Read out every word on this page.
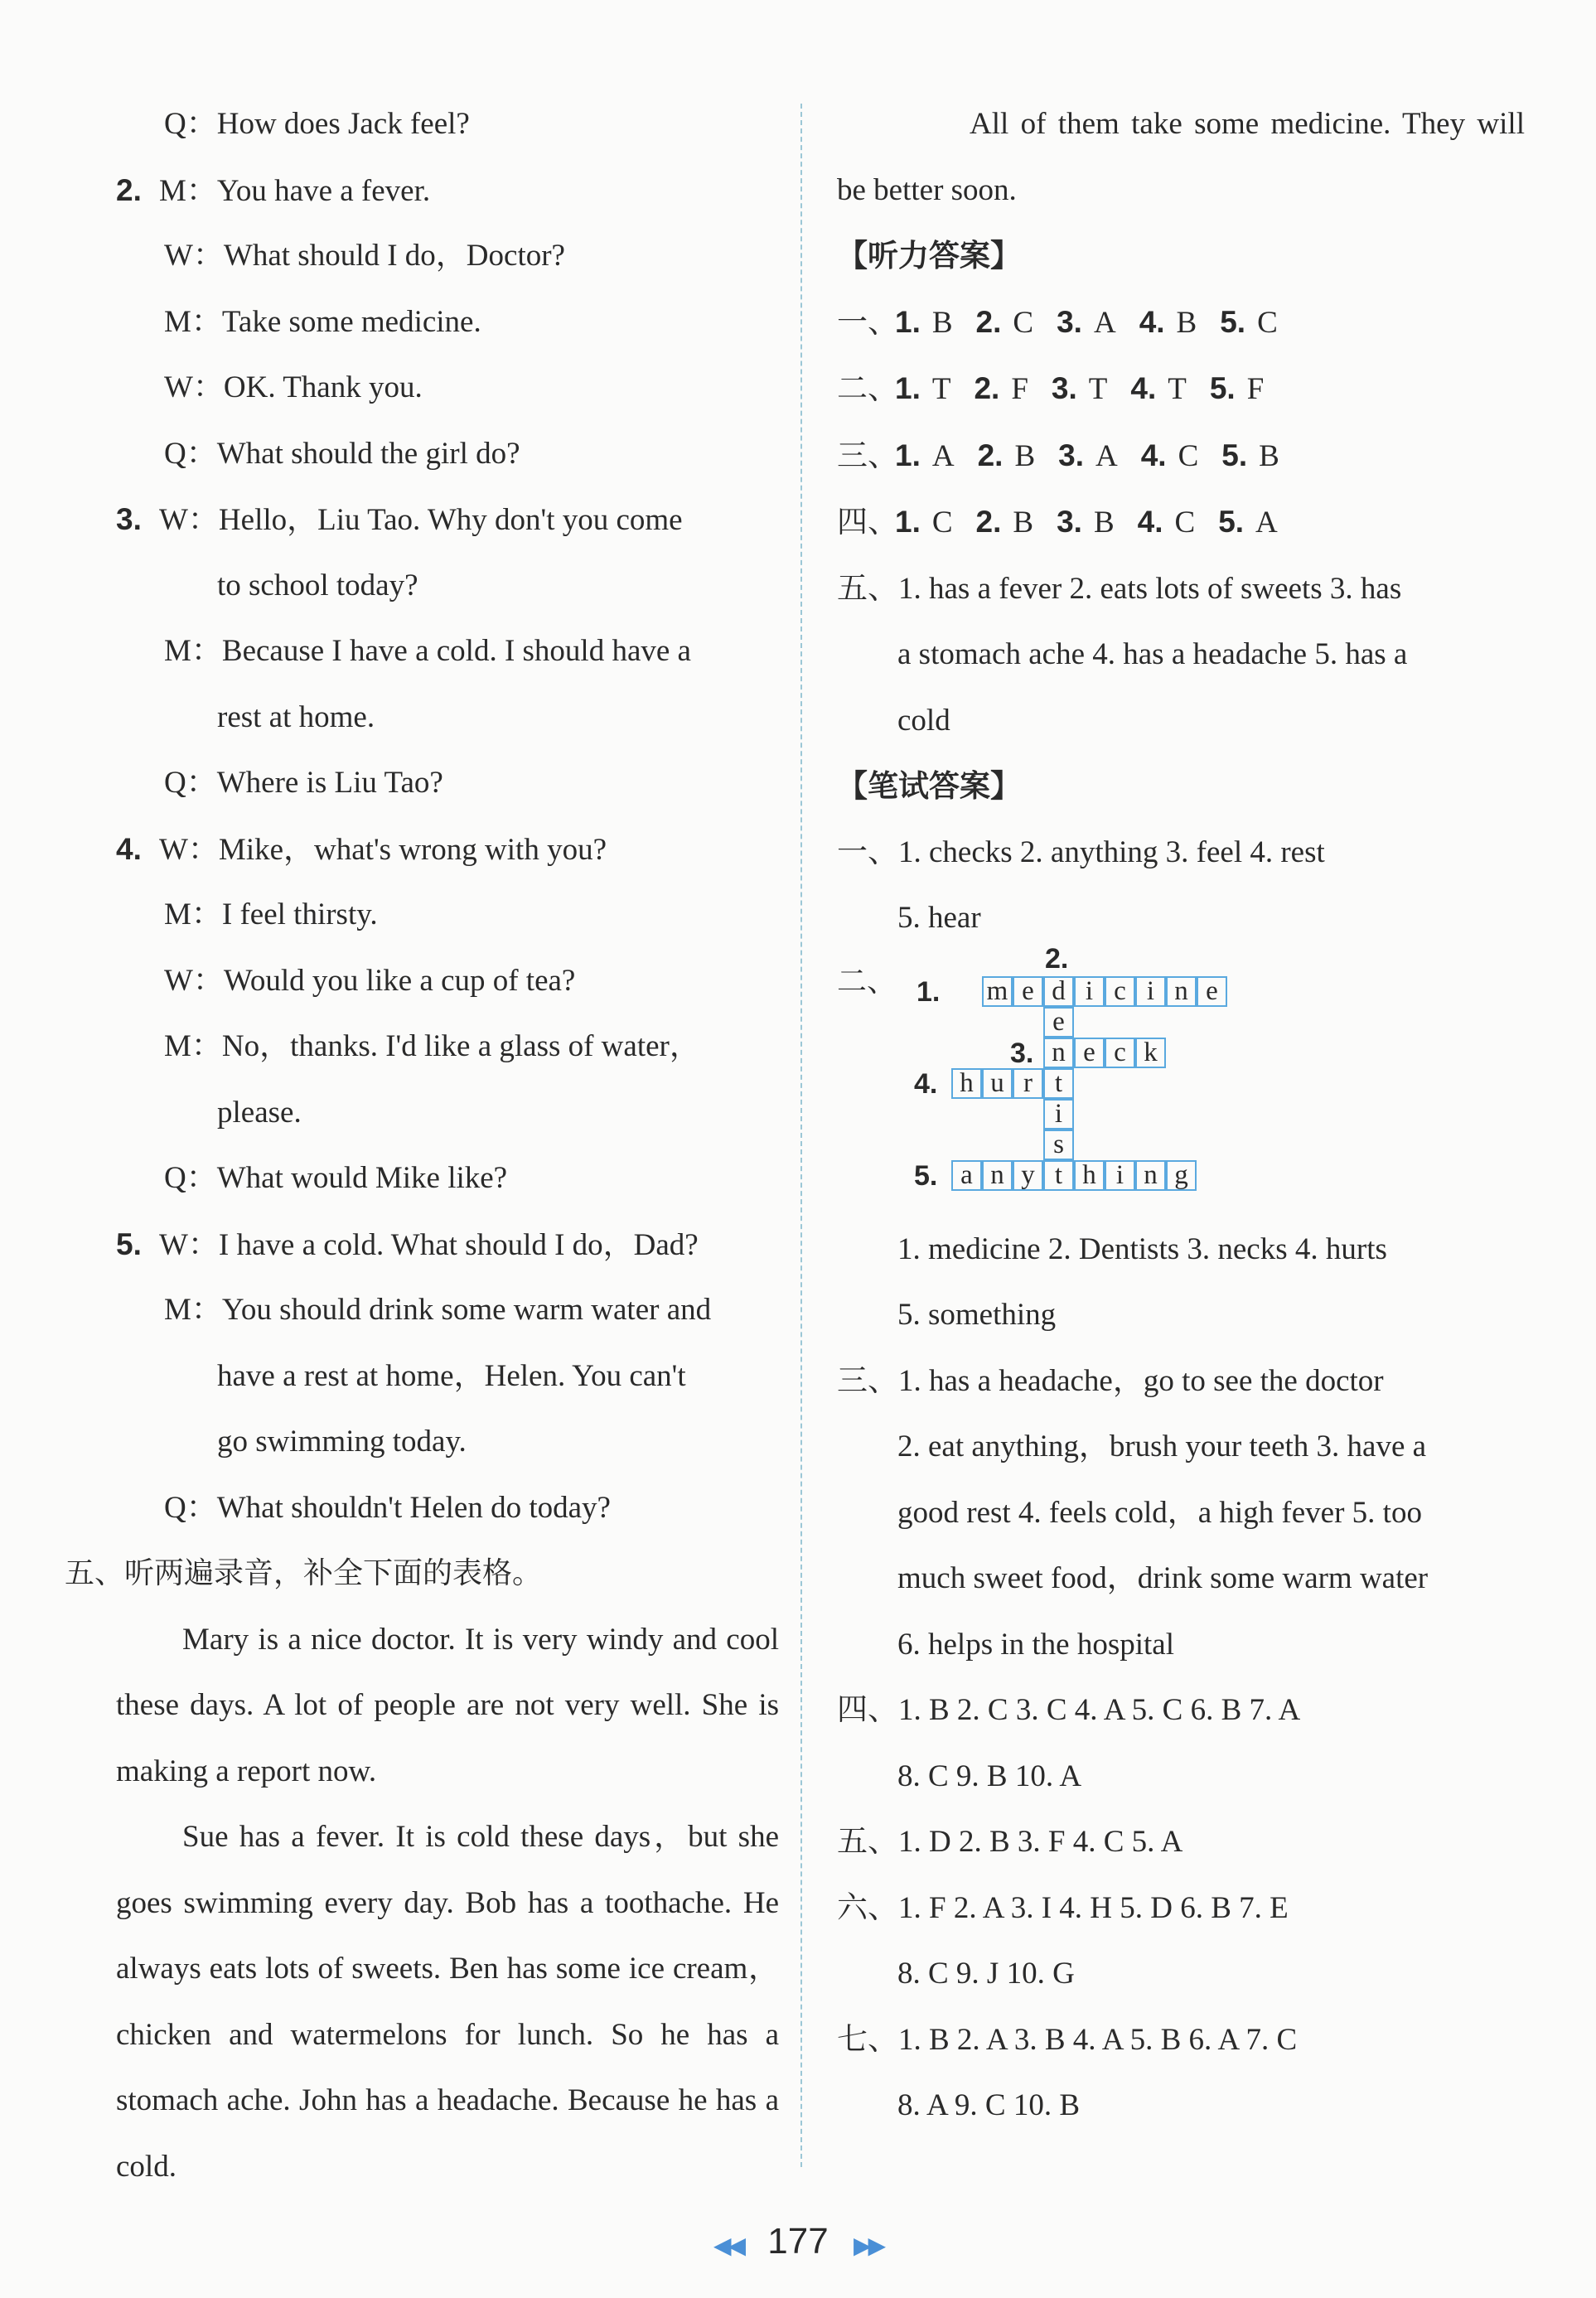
Q：How does Jack feel?
2. M：You have a fever.
W：What should I do，Doctor?
M：Take some medicine.
W：OK. Thank you.
Q：What should the girl do?
3. W：Hello，Liu Tao. Why don't you come
to school today?
M：Because I have a cold. I should have a
rest at home.
Q：Where is Liu Tao?
4. W：Mike，what's wrong with you?
M：I feel thirsty.
W：Would you like a cup of tea?
M：No，thanks. I'd like a glass of water，
please.
Q：What would Mike like?
5. W：I have a cold. What should I do，Dad?
M：You should drink some warm water and
have a rest at home，Helen. You can't
go swimming today.
Q：What shouldn't Helen do today?
五、听两遍录音，补全下面的表格。
Mary is a nice doctor. It is very windy and cool these days. A lot of people are not very well. She is making a report now.
Sue has a fever. It is cold these days，but she goes swimming every day. Bob has a toothache. He always eats lots of sweets. Ben has some ice cream，chicken and watermelons for lunch. So he has a stomach ache. John has a headache. Because he has a cold.
All of them take some medicine. They will be better soon.
【听力答案】
一、
1. B 2. C 3. A 4. B 5. C
二、
1. T 2. F 3. T 4. T 5. F
三、
1. A 2. B 3. A 4. C 5. B
四、
1. C 2. B 3. B 4. C 5. A
五、1. has a fever 2. eats lots of sweets 3. has
a stomach ache 4. has a headache 5. has a
cold
【笔试答案】
一、1. checks 2. anything 3. feel 4. rest
5. hear
二、	m e d i c i n e
e
i
s
n e c k
h u r t
a n y t h i n g
1.
2.
3.
4.
5.
1. medicine 2. Dentists 3. necks 4. hurts
5. something
三、1. has a headache，go to see the doctor
2. eat anything，brush your teeth 3. have a
good rest 4. feels cold，a high fever 5. too
much sweet food，drink some warm water
6. helps in the hospital
四、1. B 2. C 3. C 4. A 5. C 6. B 7. A
8. C 9. B 10. A
五、1. D 2. B 3. F 4. C 5. A
六、1. F 2. A 3. I 4. H 5. D 6. B 7. E
8. C 9. J 10. G
七、1. B 2. A 3. B 4. A 5. B 6. A 7. C
8. A 9. C 10. B
◀◀ 177 ▶▶
